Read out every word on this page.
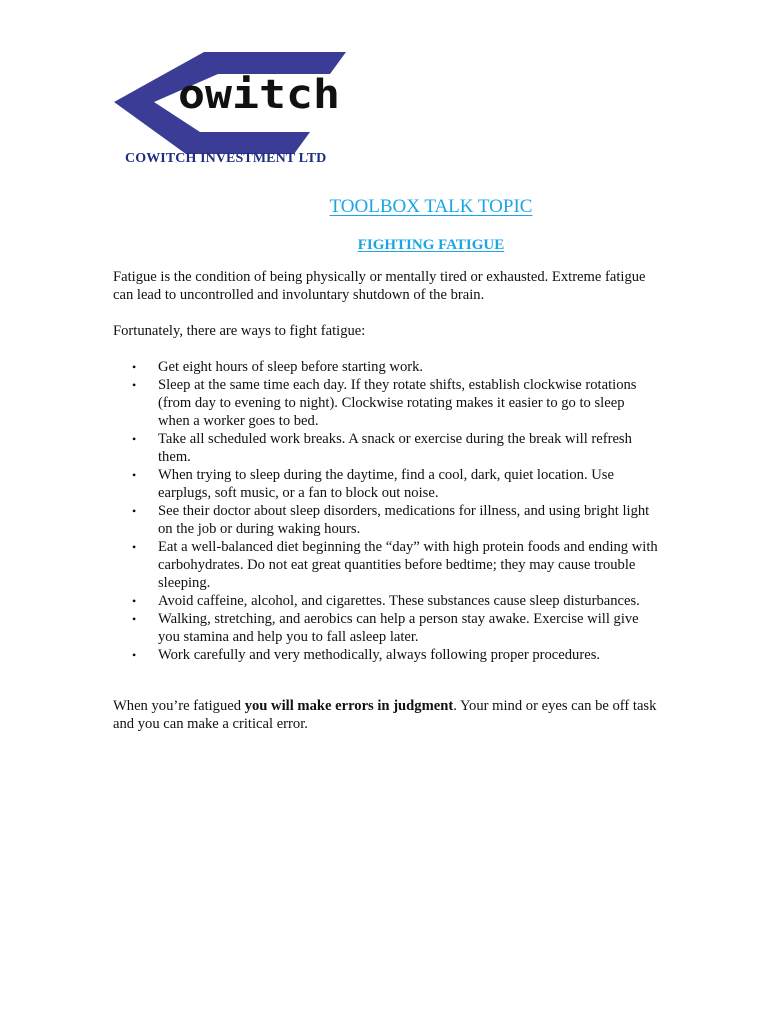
owitch
COWITCH INVESTMENT LTD
TOOLBOX TALK TOPIC
FIGHTING FATIGUE

Fatigue is the condition of being physically or mentally tired or exhausted. Extreme fatigue can lead to uncontrolled and involuntary shutdown of the brain.

Fortunately, there are ways to fight fatigue:

• Get eight hours of sleep before starting work.
• Sleep at the same time each day. If they rotate shifts, establish clockwise rotations (from day to evening to night). Clockwise rotating makes it easier to go to sleep when a worker goes to bed.
• Take all scheduled work breaks. A snack or exercise during the break will refresh them.
• When trying to sleep during the daytime, find a cool, dark, quiet location. Use earplugs, soft music, or a fan to block out noise.
• See their doctor about sleep disorders, medications for illness, and using bright light on the job or during waking hours.
• Eat a well-balanced diet beginning the “day” with high protein foods and ending with carbohydrates. Do not eat great quantities before bedtime; they may cause trouble sleeping.
• Avoid caffeine, alcohol, and cigarettes. These substances cause sleep disturbances.
• Walking, stretching, and aerobics can help a person stay awake. Exercise will give you stamina and help you to fall asleep later.
• Work carefully and very methodically, always following proper procedures.

When you’re fatigued you will make errors in judgment. Your mind or eyes can be off task and you can make a critical error.
